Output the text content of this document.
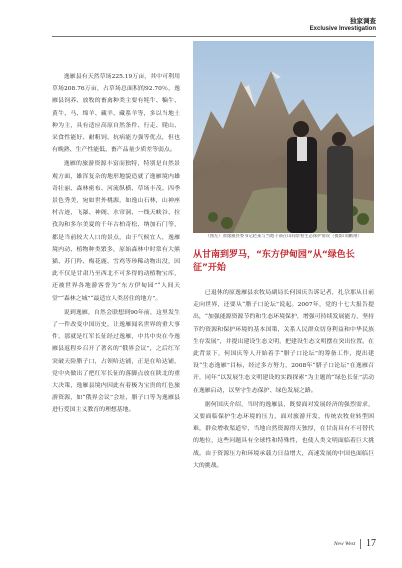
独家调查
Exclusive Investigation

逸雁县有天然草场225.19万亩，其中可利用草场208.76万亩，占草场总面积的92.70％，逸雁县饲养、放牧的畜禽种类主要有牦牛、犏牛、黄牛、马、绵羊、藏羊、藏系羊等，多以当地土种为主，具有适应高原自然条件、行走、爬山、采食性能好、耐粗饲、抗病能力强等优点，但也有晚熟、生产性能低、畜产品量少质差等弱点。

逸雁的旅游资源丰富而独特，特别是自然景观方面，雄浑复杂的地形地貌造就了逸雁境内雄奇壮丽、森林密布、河流纵横、草场丰茂、四季景色秀美，宛如世外桃源，如逸山石林，山神座村古迹，飞瀑、神阁、水帘洞、一线天峡谷、拉孜沟和多尔美夏的千年古柏奇松、纳加石门等，都是当前较大人口的景点，由于气候宜人，逸雁境内动、植物种类繁多，原始森林中时常有大熊猫、苏门羚、梅花鹿、雪鸡等珍稀动物出没，因此不仅是甘肃乃至西北不可多得的动植物宝库，还被世界各地游客誉为“东方伊甸园”“人间天堂”“森林之城”“最适宜人类居住的地方”。

说到逸雁，自然会联想到90年前，这里发生了一件改变中国历史，让逸雁闻名世界的重大事件，那就是红军长征经过逸雁，中共中央在今逸雁县返程乡召开了著名的“俄界会议”，之后红军突破天险腊子口，占领哈达铺，正是在哈达铺，党中央做出了把红军长征的落脚点放在陕北的重大决策，逸雁县境内因此有着极为宝贵的红色旅游资源，如“俄界会议”会址，腊子口等为逸雁县进行爱国主义教育的理想基地。

（图左）原逸雁县委书记赵某与当地干部在山间察看生态保护情况（摄影/刘鹏翔）
从甘南到罗马，“东方伊甸园”从“绿色长征”开始

已退休的原逸雁县农牧局副局长何国庆告诉记者，扎尕那从日前走向世界，还要从“腊子口论坛”说起。2007年，党的十七大报告提出，“加强能源资源节约和生态环境保护，增强可持续发展能力，坚持节约资源和保护环境的基本国策，关系人民群众切身利益和中华民族生存发展”，并提出建设生态文明，把建设生态文明摆在突出位置。在此背景下，何国庆等人开始着手“腊子口论坛”的筹备工作，提出建设“生态逸雁”目标，经过多方努力，2008年“腊子口论坛”在逸雁召开，同年“以发展生态文明建设的实践探索”为主题的“绿色长征”活动在逸雁启动，以坚守生态保护、绿色发展之路。

据何国庆介绍，当时的逸雁县，既要面对发展经济的强烈需求，又要面临保护生态环境的压力，面对旅游开发，传统农牧业转型困难，群众增收渠道窄，当地自然资源得天独厚，在甘南具有不可替代的地位，这些问题具有全球性和特殊性，也使人类文明面临着巨大挑战。由于资源压力和环境承载力日益增大，高速发展的中国也面临巨大的挑战。

New West 17
